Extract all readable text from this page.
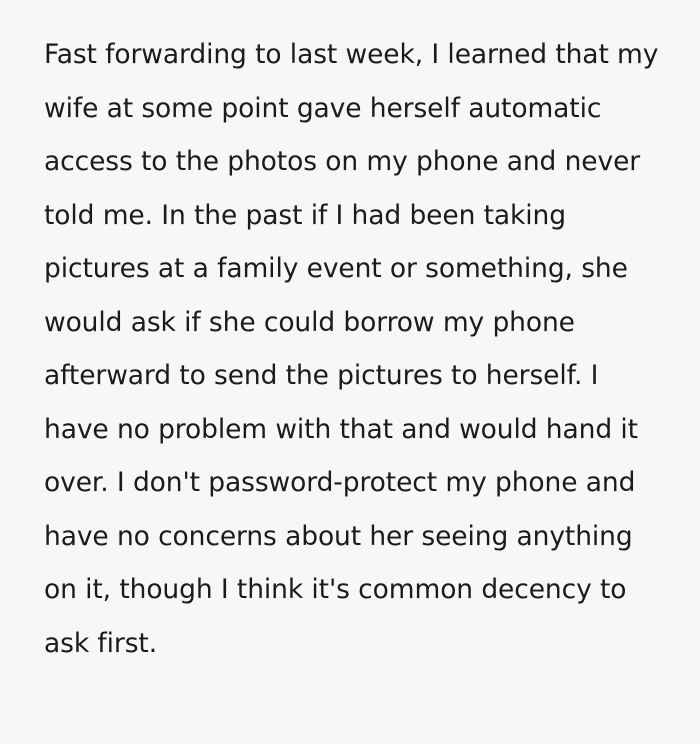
Fast forwarding to last week, I learned that my wife at some point gave herself automatic access to the photos on my phone and never told me. In the past if I had been taking pictures at a family event or something, she would ask if she could borrow my phone afterward to send the pictures to herself. I have no problem with that and would hand it over. I don't password-protect my phone and have no concerns about her seeing anything on it, though I think it's common decency to ask first.
